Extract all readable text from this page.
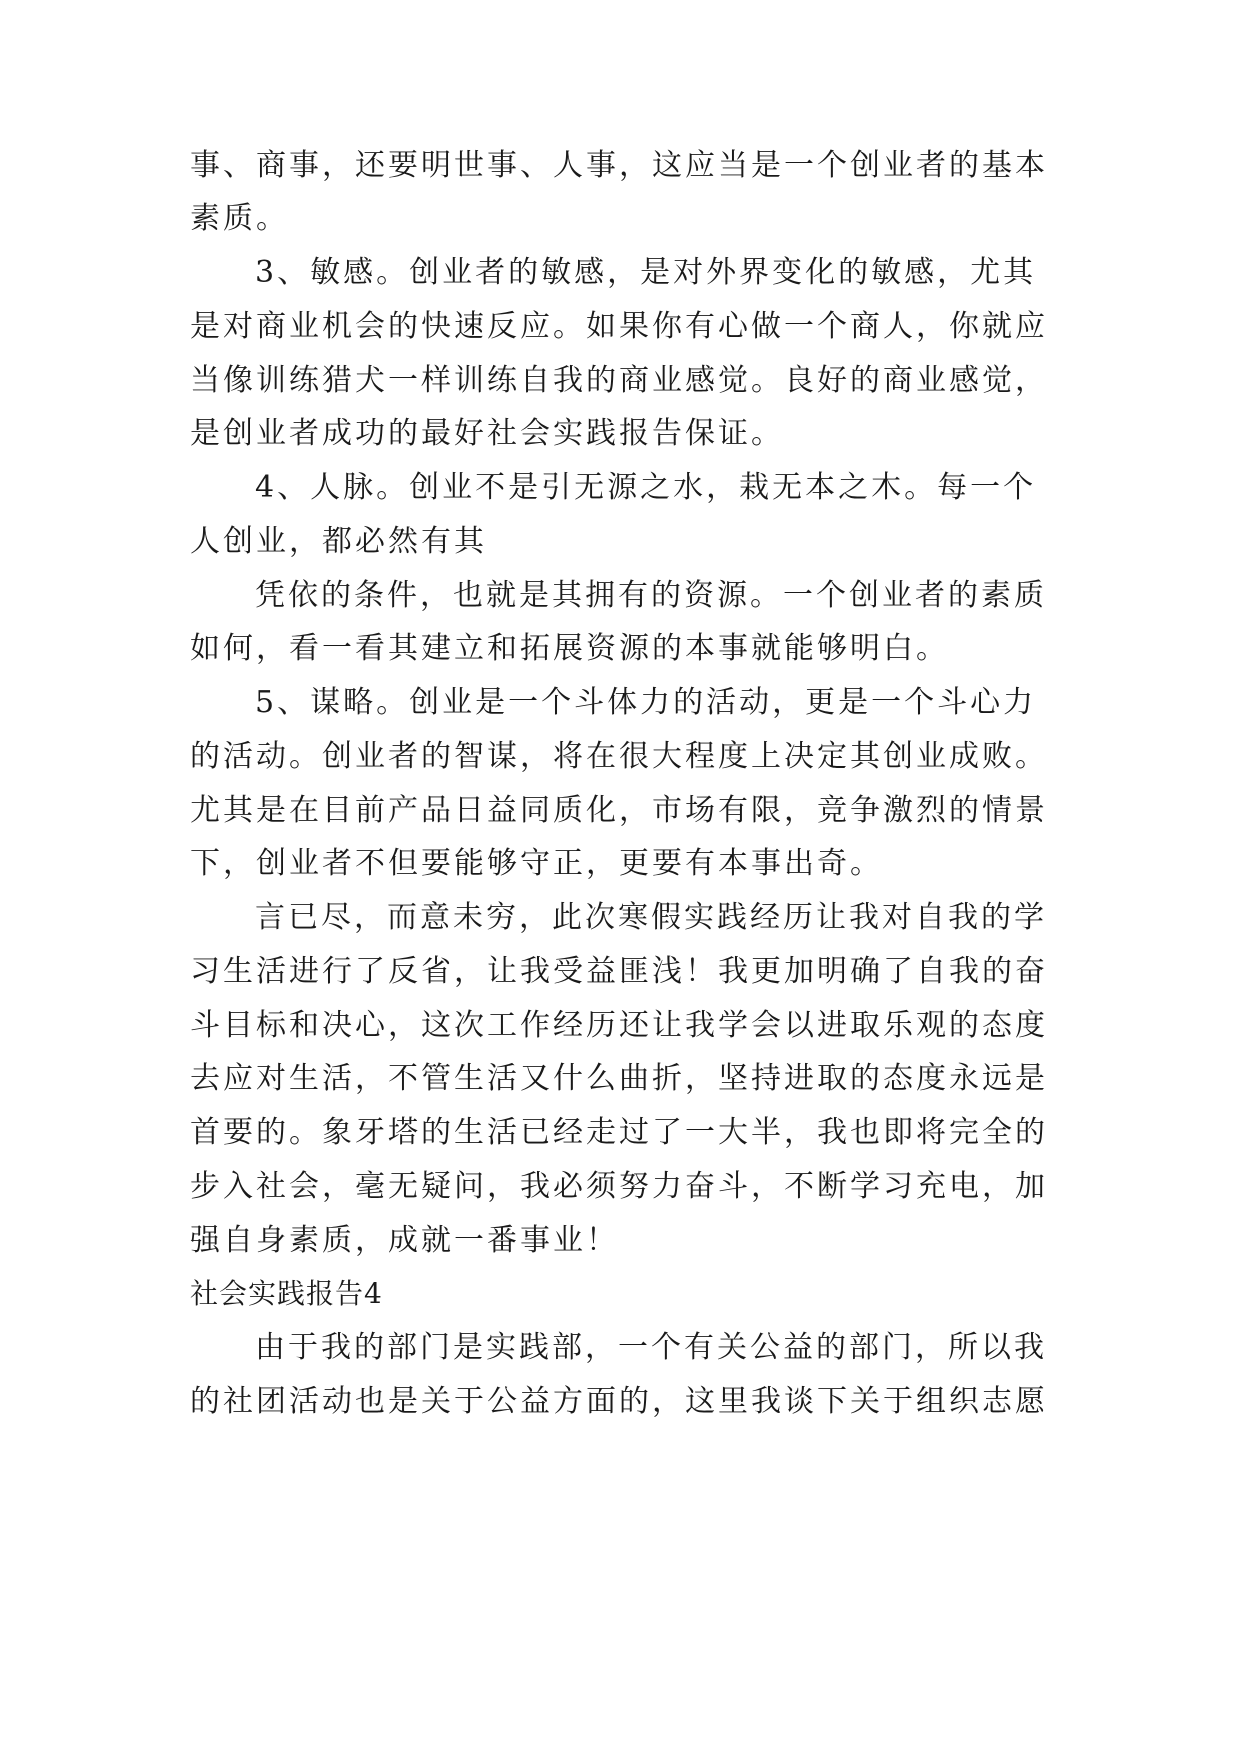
事、商事，还要明世事、人事，这应当是一个创业者的基本
素质。
3、敏感。创业者的敏感，是对外界变化的敏感，尤其
是对商业机会的快速反应。如果你有心做一个商人，你就应
当像训练猎犬一样训练自我的商业感觉。良好的商业感觉，
是创业者成功的最好社会实践报告保证。
4、人脉。创业不是引无源之水，栽无本之木。每一个
人创业，都必然有其
凭依的条件，也就是其拥有的资源。一个创业者的素质
如何，看一看其建立和拓展资源的本事就能够明白。
5、谋略。创业是一个斗体力的活动，更是一个斗心力
的活动。创业者的智谋，将在很大程度上决定其创业成败。
尤其是在目前产品日益同质化，市场有限，竞争激烈的情景
下，创业者不但要能够守正，更要有本事出奇。
言已尽，而意未穷，此次寒假实践经历让我对自我的学
习生活进行了反省，让我受益匪浅！我更加明确了自我的奋
斗目标和决心，这次工作经历还让我学会以进取乐观的态度
去应对生活，不管生活又什么曲折，坚持进取的态度永远是
首要的。象牙塔的生活已经走过了一大半，我也即将完全的
步入社会，毫无疑问，我必须努力奋斗，不断学习充电，加
强自身素质，成就一番事业！
社会实践报告4
由于我的部门是实践部，一个有关公益的部门，所以我
的社团活动也是关于公益方面的，这里我谈下关于组织志愿
